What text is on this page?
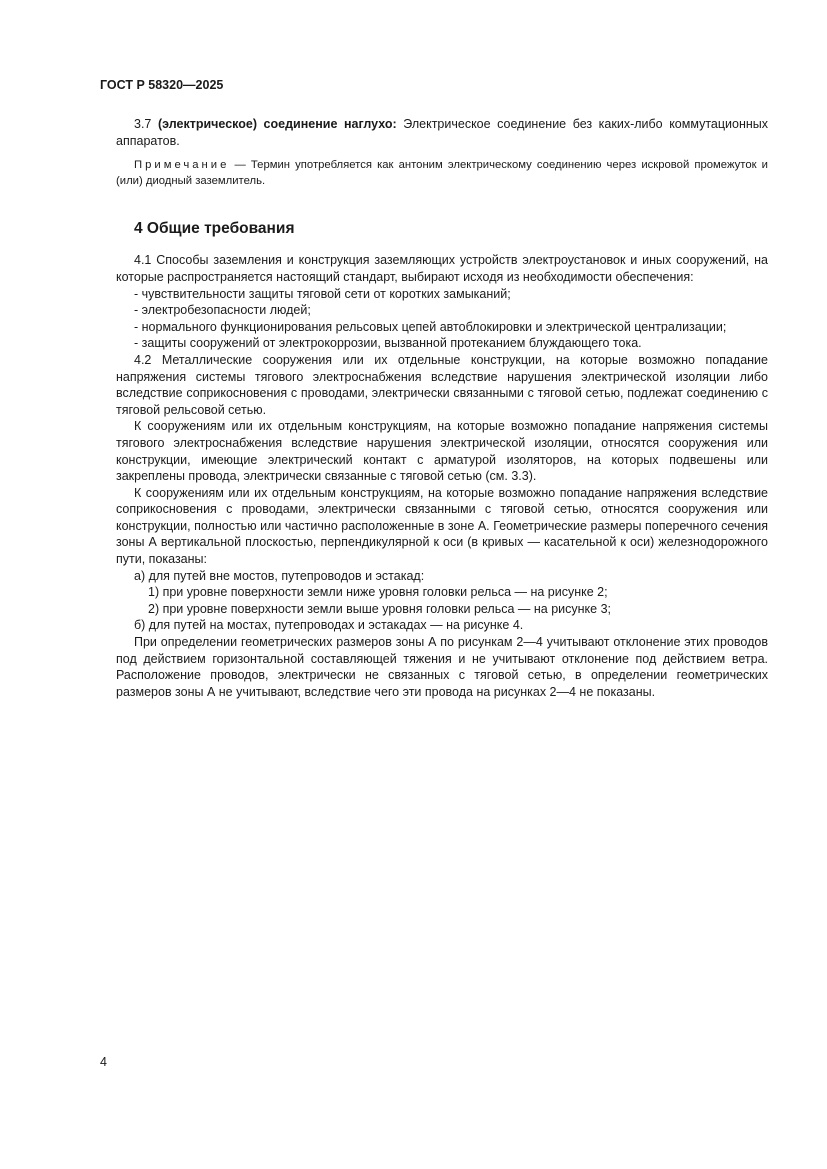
ГОСТ Р 58320—2025

3.7 (электрическое) соединение наглухо: Электрическое соединение без каких-либо коммутационных аппаратов.

Примечание — Термин употребляется как антоним электрическому соединению через искровой промежуток и (или) диодный заземлитель.

4 Общие требования

4.1 Способы заземления и конструкция заземляющих устройств электроустановок и иных сооружений, на которые распространяется настоящий стандарт, выбирают исходя из необходимости обеспечения:

- чувствительности защиты тяговой сети от коротких замыканий;

- электробезопасности людей;

- нормального функционирования рельсовых цепей автоблокировки и электрической централизации;

- защиты сооружений от электрокоррозии, вызванной протеканием блуждающего тока.

4.2 Металлические сооружения или их отдельные конструкции, на которые возможно попадание напряжения системы тягового электроснабжения вследствие нарушения электрической изоляции либо вследствие соприкосновения с проводами, электрически связанными с тяговой сетью, подлежат соединению с тяговой рельсовой сетью.

К сооружениям или их отдельным конструкциям, на которые возможно попадание напряжения системы тягового электроснабжения вследствие нарушения электрической изоляции, относятся сооружения или конструкции, имеющие электрический контакт с арматурой изоляторов, на которых подвешены или закреплены провода, электрически связанные с тяговой сетью (см. 3.3).

К сооружениям или их отдельным конструкциям, на которые возможно попадание напряжения вследствие соприкосновения с проводами, электрически связанными с тяговой сетью, относятся сооружения или конструкции, полностью или частично расположенные в зоне А. Геометрические размеры поперечного сечения зоны А вертикальной плоскостью, перпендикулярной к оси (в кривых — касательной к оси) железнодорожного пути, показаны:

а) для путей вне мостов, путепроводов и эстакад:

1) при уровне поверхности земли ниже уровня головки рельса — на рисунке 2;

2) при уровне поверхности земли выше уровня головки рельса — на рисунке 3;

б) для путей на мостах, путепроводах и эстакадах — на рисунке 4.

При определении геометрических размеров зоны А по рисункам 2—4 учитывают отклонение этих проводов под действием горизонтальной составляющей тяжения и не учитывают отклонение под действием ветра. Расположение проводов, электрически не связанных с тяговой сетью, в определении геометрических размеров зоны А не учитывают, вследствие чего эти провода на рисунках 2—4 не показаны.

4
